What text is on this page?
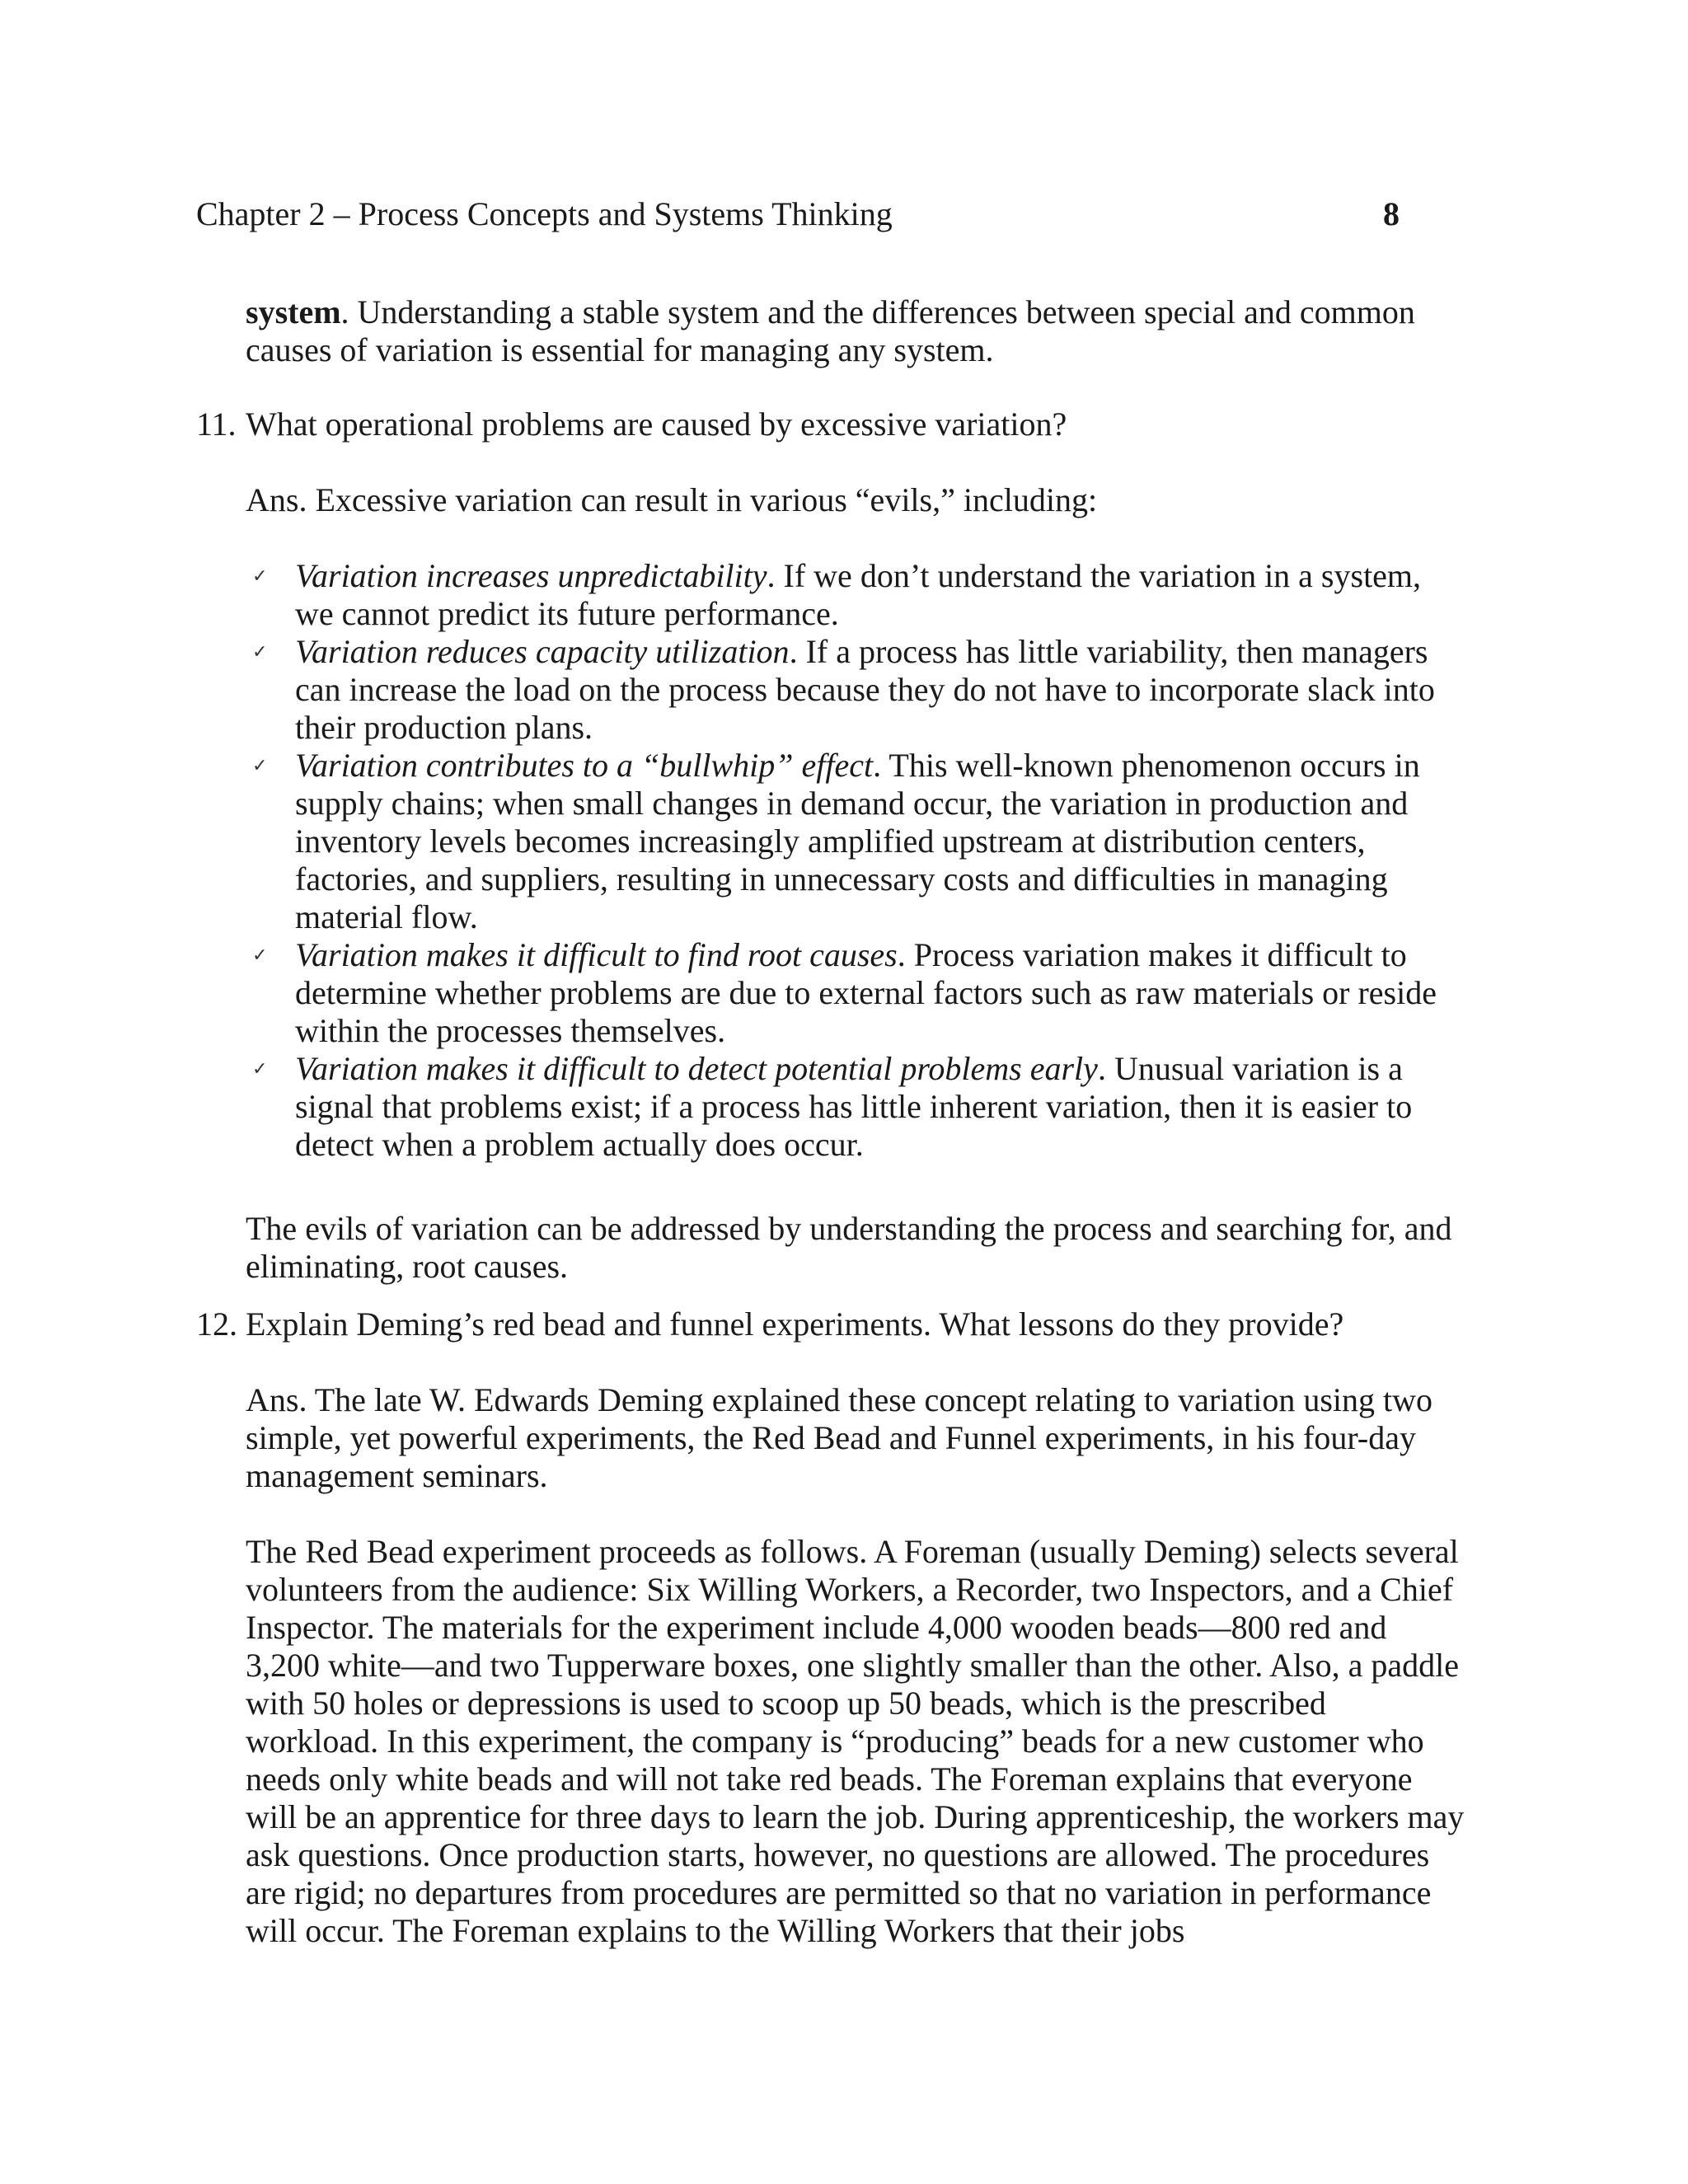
Chapter 2 – Process Concepts and Systems Thinking	8

system. Understanding a stable system and the differences between special and common causes of variation is essential for managing any system.

11. What operational problems are caused by excessive variation?

Ans. Excessive variation can result in various “evils,” including:

✓ Variation increases unpredictability. If we don’t understand the variation in a system, we cannot predict its future performance.
✓ Variation reduces capacity utilization. If a process has little variability, then managers can increase the load on the process because they do not have to incorporate slack into their production plans.
✓ Variation contributes to a “bullwhip” effect. This well-known phenomenon occurs in supply chains; when small changes in demand occur, the variation in production and inventory levels becomes increasingly amplified upstream at distribution centers, factories, and suppliers, resulting in unnecessary costs and difficulties in managing material flow.
✓ Variation makes it difficult to find root causes. Process variation makes it difficult to determine whether problems are due to external factors such as raw materials or reside within the processes themselves.
✓ Variation makes it difficult to detect potential problems early. Unusual variation is a signal that problems exist; if a process has little inherent variation, then it is easier to detect when a problem actually does occur.

The evils of variation can be addressed by understanding the process and searching for, and eliminating, root causes.

12. Explain Deming’s red bead and funnel experiments. What lessons do they provide?

Ans. The late W. Edwards Deming explained these concept relating to variation using two simple, yet powerful experiments, the Red Bead and Funnel experiments, in his four-day management seminars.

The Red Bead experiment proceeds as follows. A Foreman (usually Deming) selects several volunteers from the audience: Six Willing Workers, a Recorder, two Inspectors, and a Chief Inspector. The materials for the experiment include 4,000 wooden beads—800 red and 3,200 white—and two Tupperware boxes, one slightly smaller than the other. Also, a paddle with 50 holes or depressions is used to scoop up 50 beads, which is the prescribed workload. In this experiment, the company is “producing” beads for a new customer who needs only white beads and will not take red beads. The Foreman explains that everyone will be an apprentice for three days to learn the job. During apprenticeship, the workers may ask questions. Once production starts, however, no questions are allowed. The procedures are rigid; no departures from procedures are permitted so that no variation in performance will occur. The Foreman explains to the Willing Workers that their jobs
